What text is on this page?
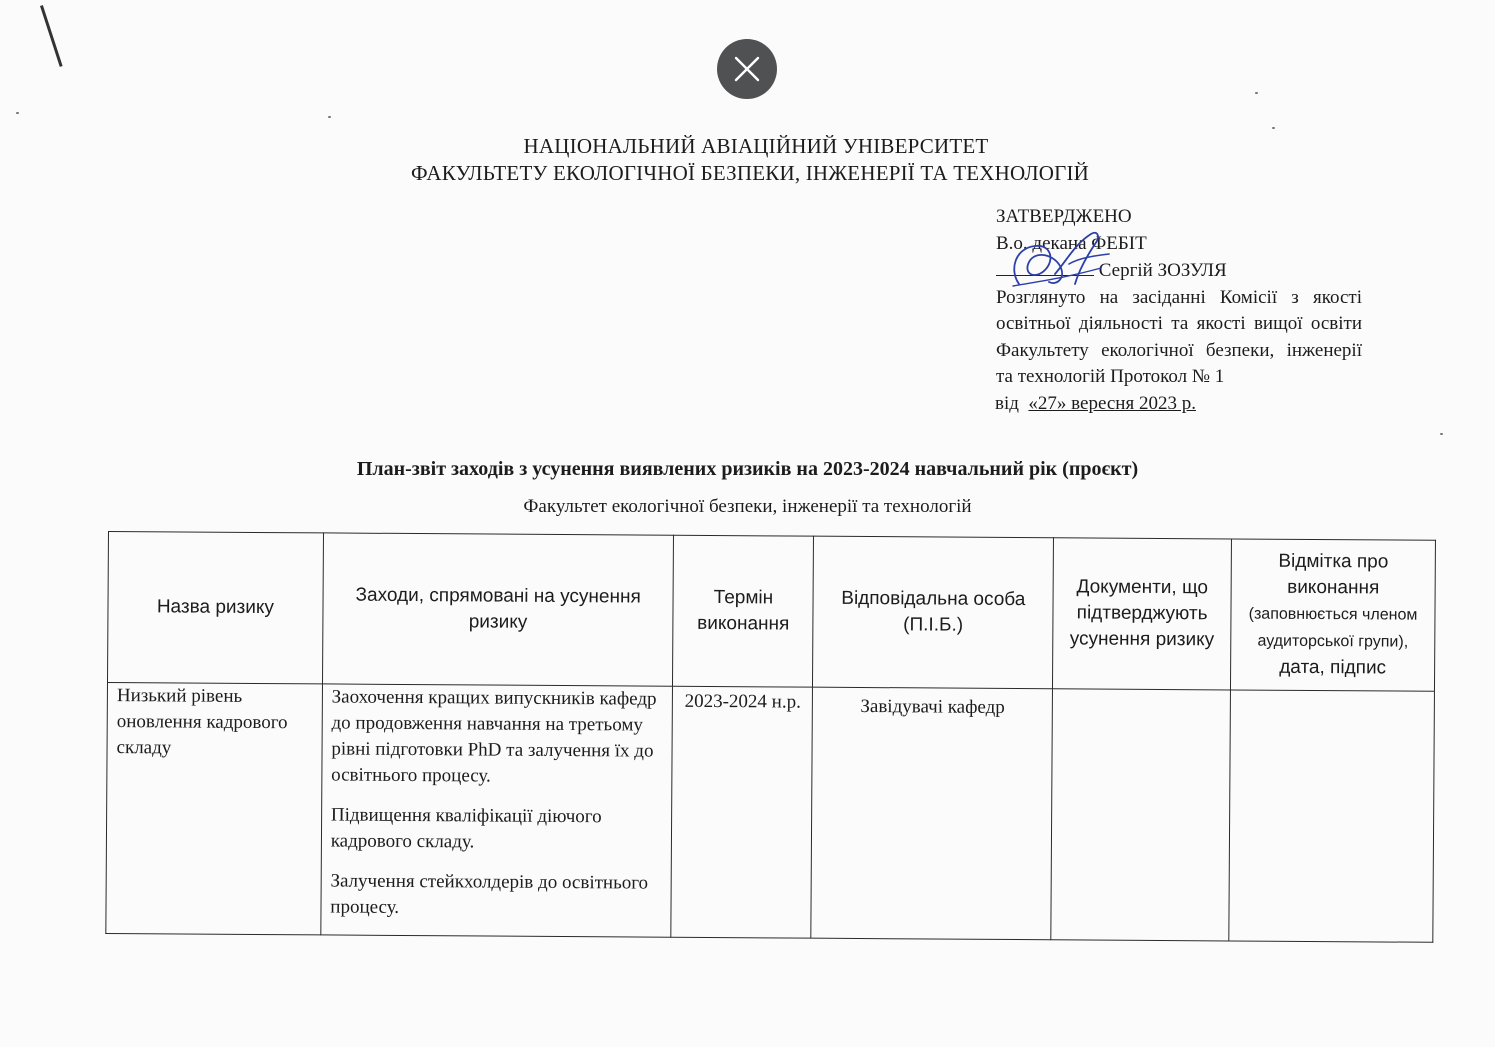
НАЦІОНАЛЬНИЙ АВІАЦІЙНИЙ УНІВЕРСИТЕТ
ФАКУЛЬТЕТУ ЕКОЛОГІЧНОЇ БЕЗПЕКИ, ІНЖЕНЕРІЇ ТА ТЕХНОЛОГІЙ
ЗАТВЕРДЖЕНО
В.о. декана ФЕБІТ
Сергій ЗОЗУЛЯ
Розглянуто на засіданні Комісії з якості
освітньої діяльності та якості вищої освіти
Факультету екологічної безпеки, інженерії
та технологій Протокол № 1
від «27» вересня 2023 р.
План-звіт заходів з усунення виявлених ризиків на 2023-2024 навчальний рік (проєкт)
Факультет екологічної безпеки, інженерії та технологій
Назва ризику	Заходи, спрямовані на усунення ризику	Термін виконання	Відповідальна особа (П.І.Б.)	Документи, що підтверджують усунення ризику	Відмітка про виконання
(заповнюється членом аудиторської групи),
дата, підпис
Низький рівень оновлення кадрового складу	Заохочення кращих випускників кафедр до продовження навчання на третьому рівні підготовки PhD та залучення їх до освітнього процесу.

Підвищення кваліфікації діючого кадрового складу.

Залучення стейкхолдерів до освітнього процесу.	2023-2024 н.р.	Завідувачі кафедр		
